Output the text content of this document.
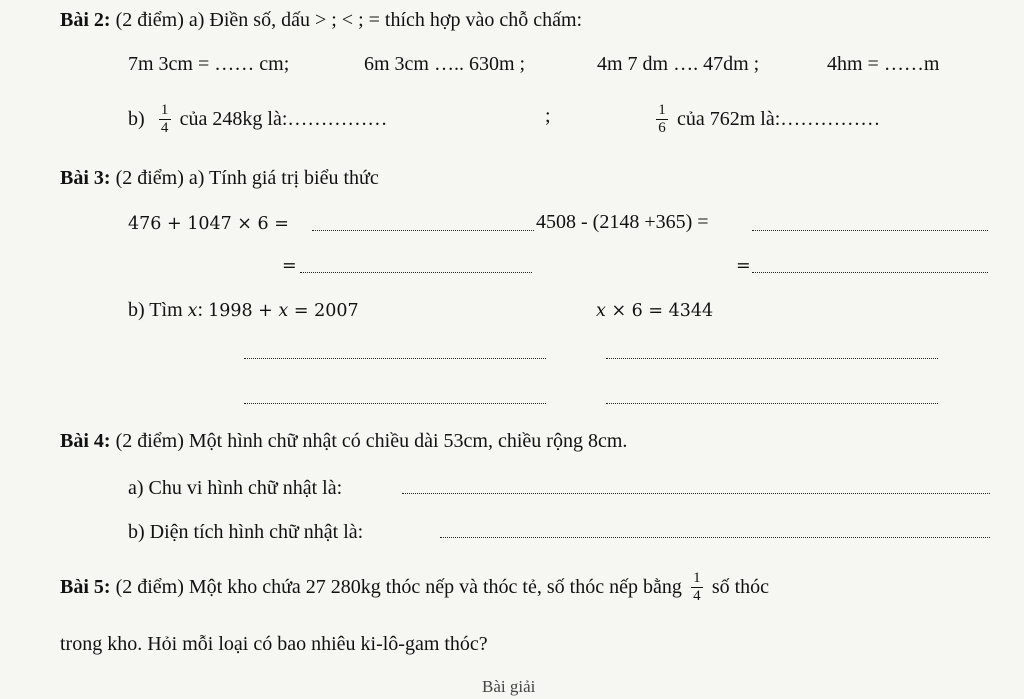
Bài 2: (2 điểm) a) Điền số, dấu > ; < ; = thích hợp vào chỗ chấm:
7m 3cm = …… cm;	6m 3cm ….. 630m ;	4m 7 dm …. 47dm ;	4hm = ……m
$b) \frac{1}{4}$ của 248kg là:……………	;	$\frac{1}{6}$ của 762m là:……………
Bài 3: (2 điểm) a) Tính giá trị biểu thức
476 + 1047 × 6 =	4508 - (2148 +365) =
=	=
b) Tìm x: 1998 + x = 2007	x × 6 = 4344
Bài 4: (2 điểm) Một hình chữ nhật có chiều dài 53cm, chiều rộng 8cm.
a) Chu vi hình chữ nhật là:
b) Diện tích hình chữ nhật là:
Bài 5: (2 điểm) Một kho chứa 27 280kg thóc nếp và thóc tẻ, số thóc nếp bằng $\frac{1}{4}$ số thóc
trong kho. Hỏi mỗi loại có bao nhiêu ki-lô-gam thóc?
Bài giải
